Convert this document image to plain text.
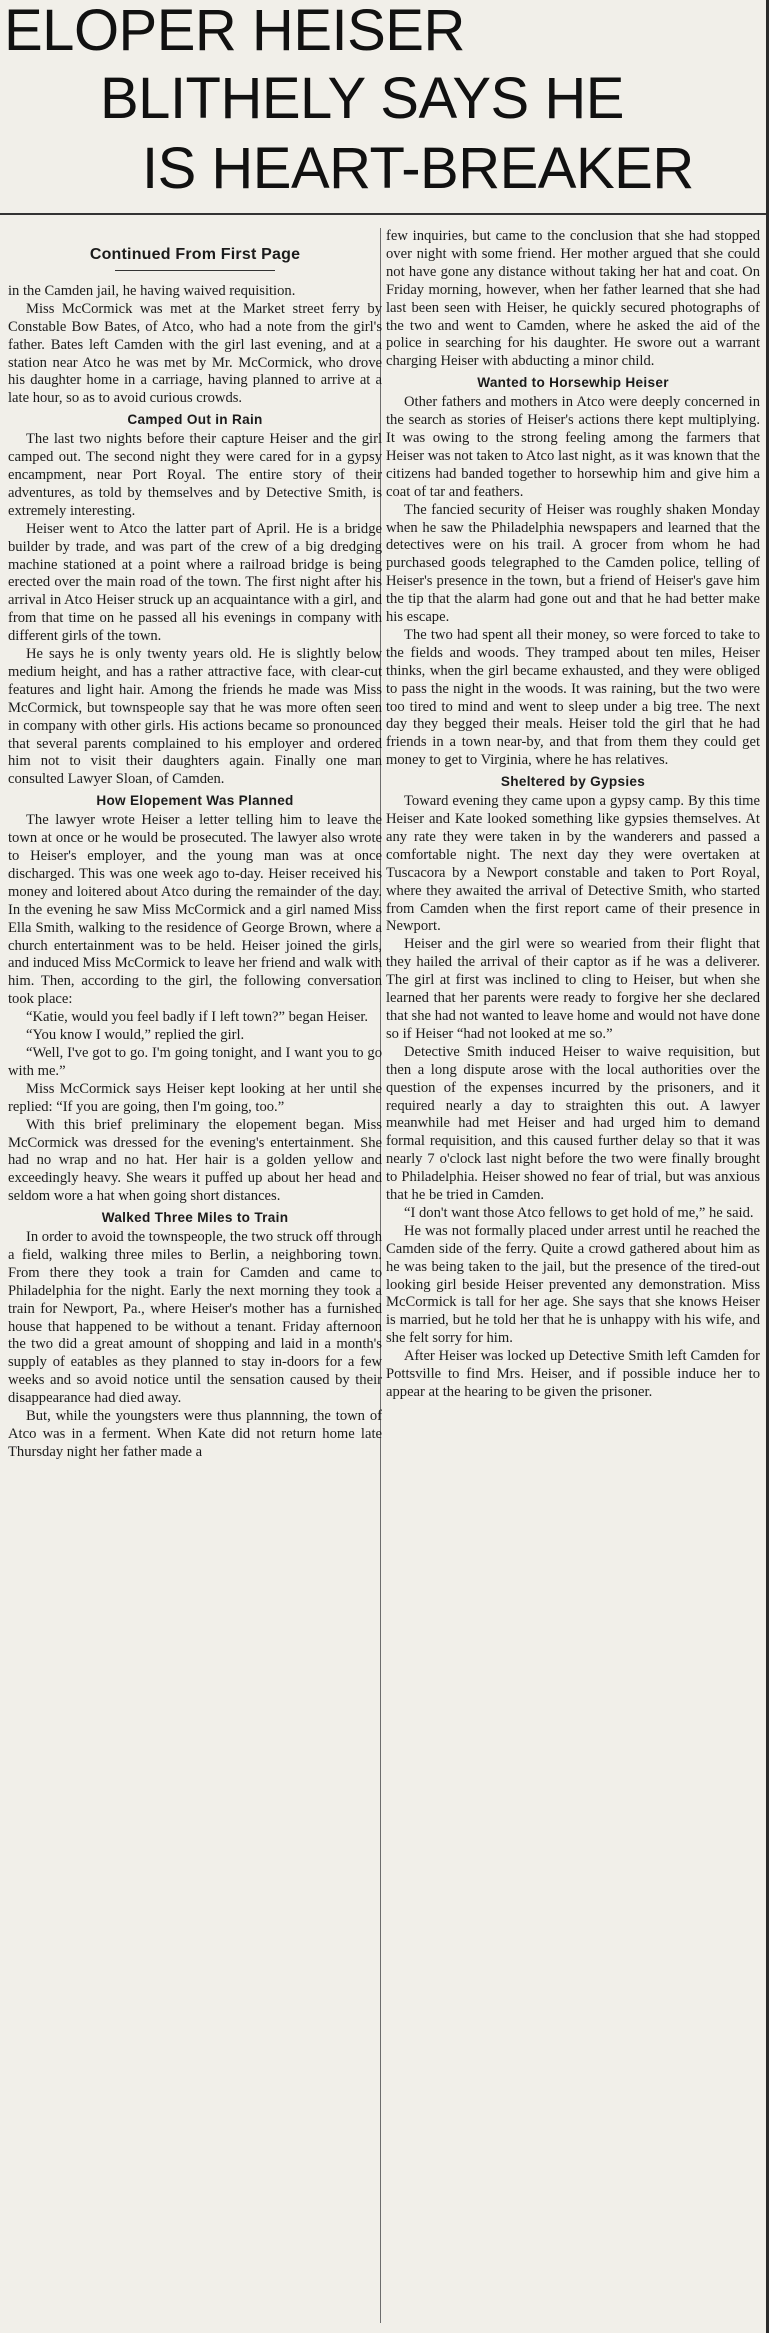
ELOPER HEISER
BLITHELY SAYS HE
IS HEART-BREAKER
Continued From First Page

in the Camden jail, he having waived requisition.

Miss McCormick was met at the Market street ferry by Constable Bow Bates, of Atco, who had a note from the girl's father. Bates left Camden with the girl last evening, and at a station near Atco he was met by Mr. McCormick, who drove his daughter home in a carriage, having planned to arrive at a late hour, so as to avoid curious crowds.

Camped Out in Rain

The last two nights before their capture Heiser and the girl camped out. The second night they were cared for in a gypsy encampment, near Port Royal. The entire story of their adventures, as told by themselves and by Detective Smith, is extremely interesting.

Heiser went to Atco the latter part of April. He is a bridge builder by trade, and was part of the crew of a big dredging machine stationed at a point where a railroad bridge is being erected over the main road of the town. The first night after his arrival in Atco Heiser struck up an acquaintance with a girl, and from that time on he passed all his evenings in company with different girls of the town.

He says he is only twenty years old. He is slightly below medium height, and has a rather attractive face, with clear-cut features and light hair. Among the friends he made was Miss McCormick, but townspeople say that he was more often seen in company with other girls. His actions became so pronounced that several parents complained to his employer and ordered him not to visit their daughters again. Finally one man consulted Lawyer Sloan, of Camden.

How Elopement Was Planned

The lawyer wrote Heiser a letter telling him to leave the town at once or he would be prosecuted. The lawyer also wrote to Heiser's employer, and the young man was at once discharged. This was one week ago to-day. Heiser received his money and loitered about Atco during the remainder of the day. In the evening he saw Miss McCormick and a girl named Miss Ella Smith, walking to the residence of George Brown, where a church entertainment was to be held. Heiser joined the girls, and induced Miss McCormick to leave her friend and walk with him. Then, according to the girl, the following conversation took place:

“Katie, would you feel badly if I left town?” began Heiser.

“You know I would,” replied the girl.

“Well, I've got to go. I'm going tonight, and I want you to go with me.”

Miss McCormick says Heiser kept looking at her until she replied: “If you are going, then I'm going, too.”

With this brief preliminary the elopement began. Miss McCormick was dressed for the evening's entertainment. She had no wrap and no hat. Her hair is a golden yellow and exceedingly heavy. She wears it puffed up about her head and seldom wore a hat when going short distances.

Walked Three Miles to Train

In order to avoid the townspeople, the two struck off through a field, walking three miles to Berlin, a neighboring town. From there they took a train for Camden and came to Philadelphia for the night. Early the next morning they took a train for Newport, Pa., where Heiser's mother has a furnished house that happened to be without a tenant. Friday afternoon the two did a great amount of shopping and laid in a month's supply of eatables as they planned to stay in-doors for a few weeks and so avoid notice until the sensation caused by their disappearance had died away.

But, while the youngsters were thus plannning, the town of Atco was in a ferment. When Kate did not return home late Thursday night her father made a

few inquiries, but came to the conclusion that she had stopped over night with some friend. Her mother argued that she could not have gone any distance without taking her hat and coat. On Friday morning, however, when her father learned that she had last been seen with Heiser, he quickly secured photographs of the two and went to Camden, where he asked the aid of the police in searching for his daughter. He swore out a warrant charging Heiser with abducting a minor child.

Wanted to Horsewhip Heiser

Other fathers and mothers in Atco were deeply concerned in the search as stories of Heiser's actions there kept multiplying. It was owing to the strong feeling among the farmers that Heiser was not taken to Atco last night, as it was known that the citizens had banded together to horsewhip him and give him a coat of tar and feathers.

The fancied security of Heiser was roughly shaken Monday when he saw the Philadelphia newspapers and learned that the detectives were on his trail. A grocer from whom he had purchased goods telegraphed to the Camden police, telling of Heiser's presence in the town, but a friend of Heiser's gave him the tip that the alarm had gone out and that he had better make his escape.

The two had spent all their money, so were forced to take to the fields and woods. They tramped about ten miles, Heiser thinks, when the girl became exhausted, and they were obliged to pass the night in the woods. It was raining, but the two were too tired to mind and went to sleep under a big tree. The next day they begged their meals. Heiser told the girl that he had friends in a town near-by, and that from them they could get money to get to Virginia, where he has relatives.

Sheltered by Gypsies

Toward evening they came upon a gypsy camp. By this time Heiser and Kate looked something like gypsies themselves. At any rate they were taken in by the wanderers and passed a comfortable night. The next day they were overtaken at Tuscacora by a Newport constable and taken to Port Royal, where they awaited the arrival of Detective Smith, who started from Camden when the first report came of their presence in Newport.

Heiser and the girl were so wearied from their flight that they hailed the arrival of their captor as if he was a deliverer. The girl at first was inclined to cling to Heiser, but when she learned that her parents were ready to forgive her she declared that she had not wanted to leave home and would not have done so if Heiser “had not looked at me so.”

Detective Smith induced Heiser to waive requisition, but then a long dispute arose with the local authorities over the question of the expenses incurred by the prisoners, and it required nearly a day to straighten this out. A lawyer meanwhile had met Heiser and had urged him to demand formal requisition, and this caused further delay so that it was nearly 7 o'clock last night before the two were finally brought to Philadelphia. Heiser showed no fear of trial, but was anxious that he be tried in Camden.

“I don't want those Atco fellows to get hold of me,” he said.

He was not formally placed under arrest until he reached the Camden side of the ferry. Quite a crowd gathered about him as he was being taken to the jail, but the presence of the tired-out looking girl beside Heiser prevented any demonstration. Miss McCormick is tall for her age. She says that she knows Heiser is married, but he told her that he is unhappy with his wife, and she felt sorry for him.

After Heiser was locked up Detective Smith left Camden for Pottsville to find Mrs. Heiser, and if possible induce her to appear at the hearing to be given the prisoner.
